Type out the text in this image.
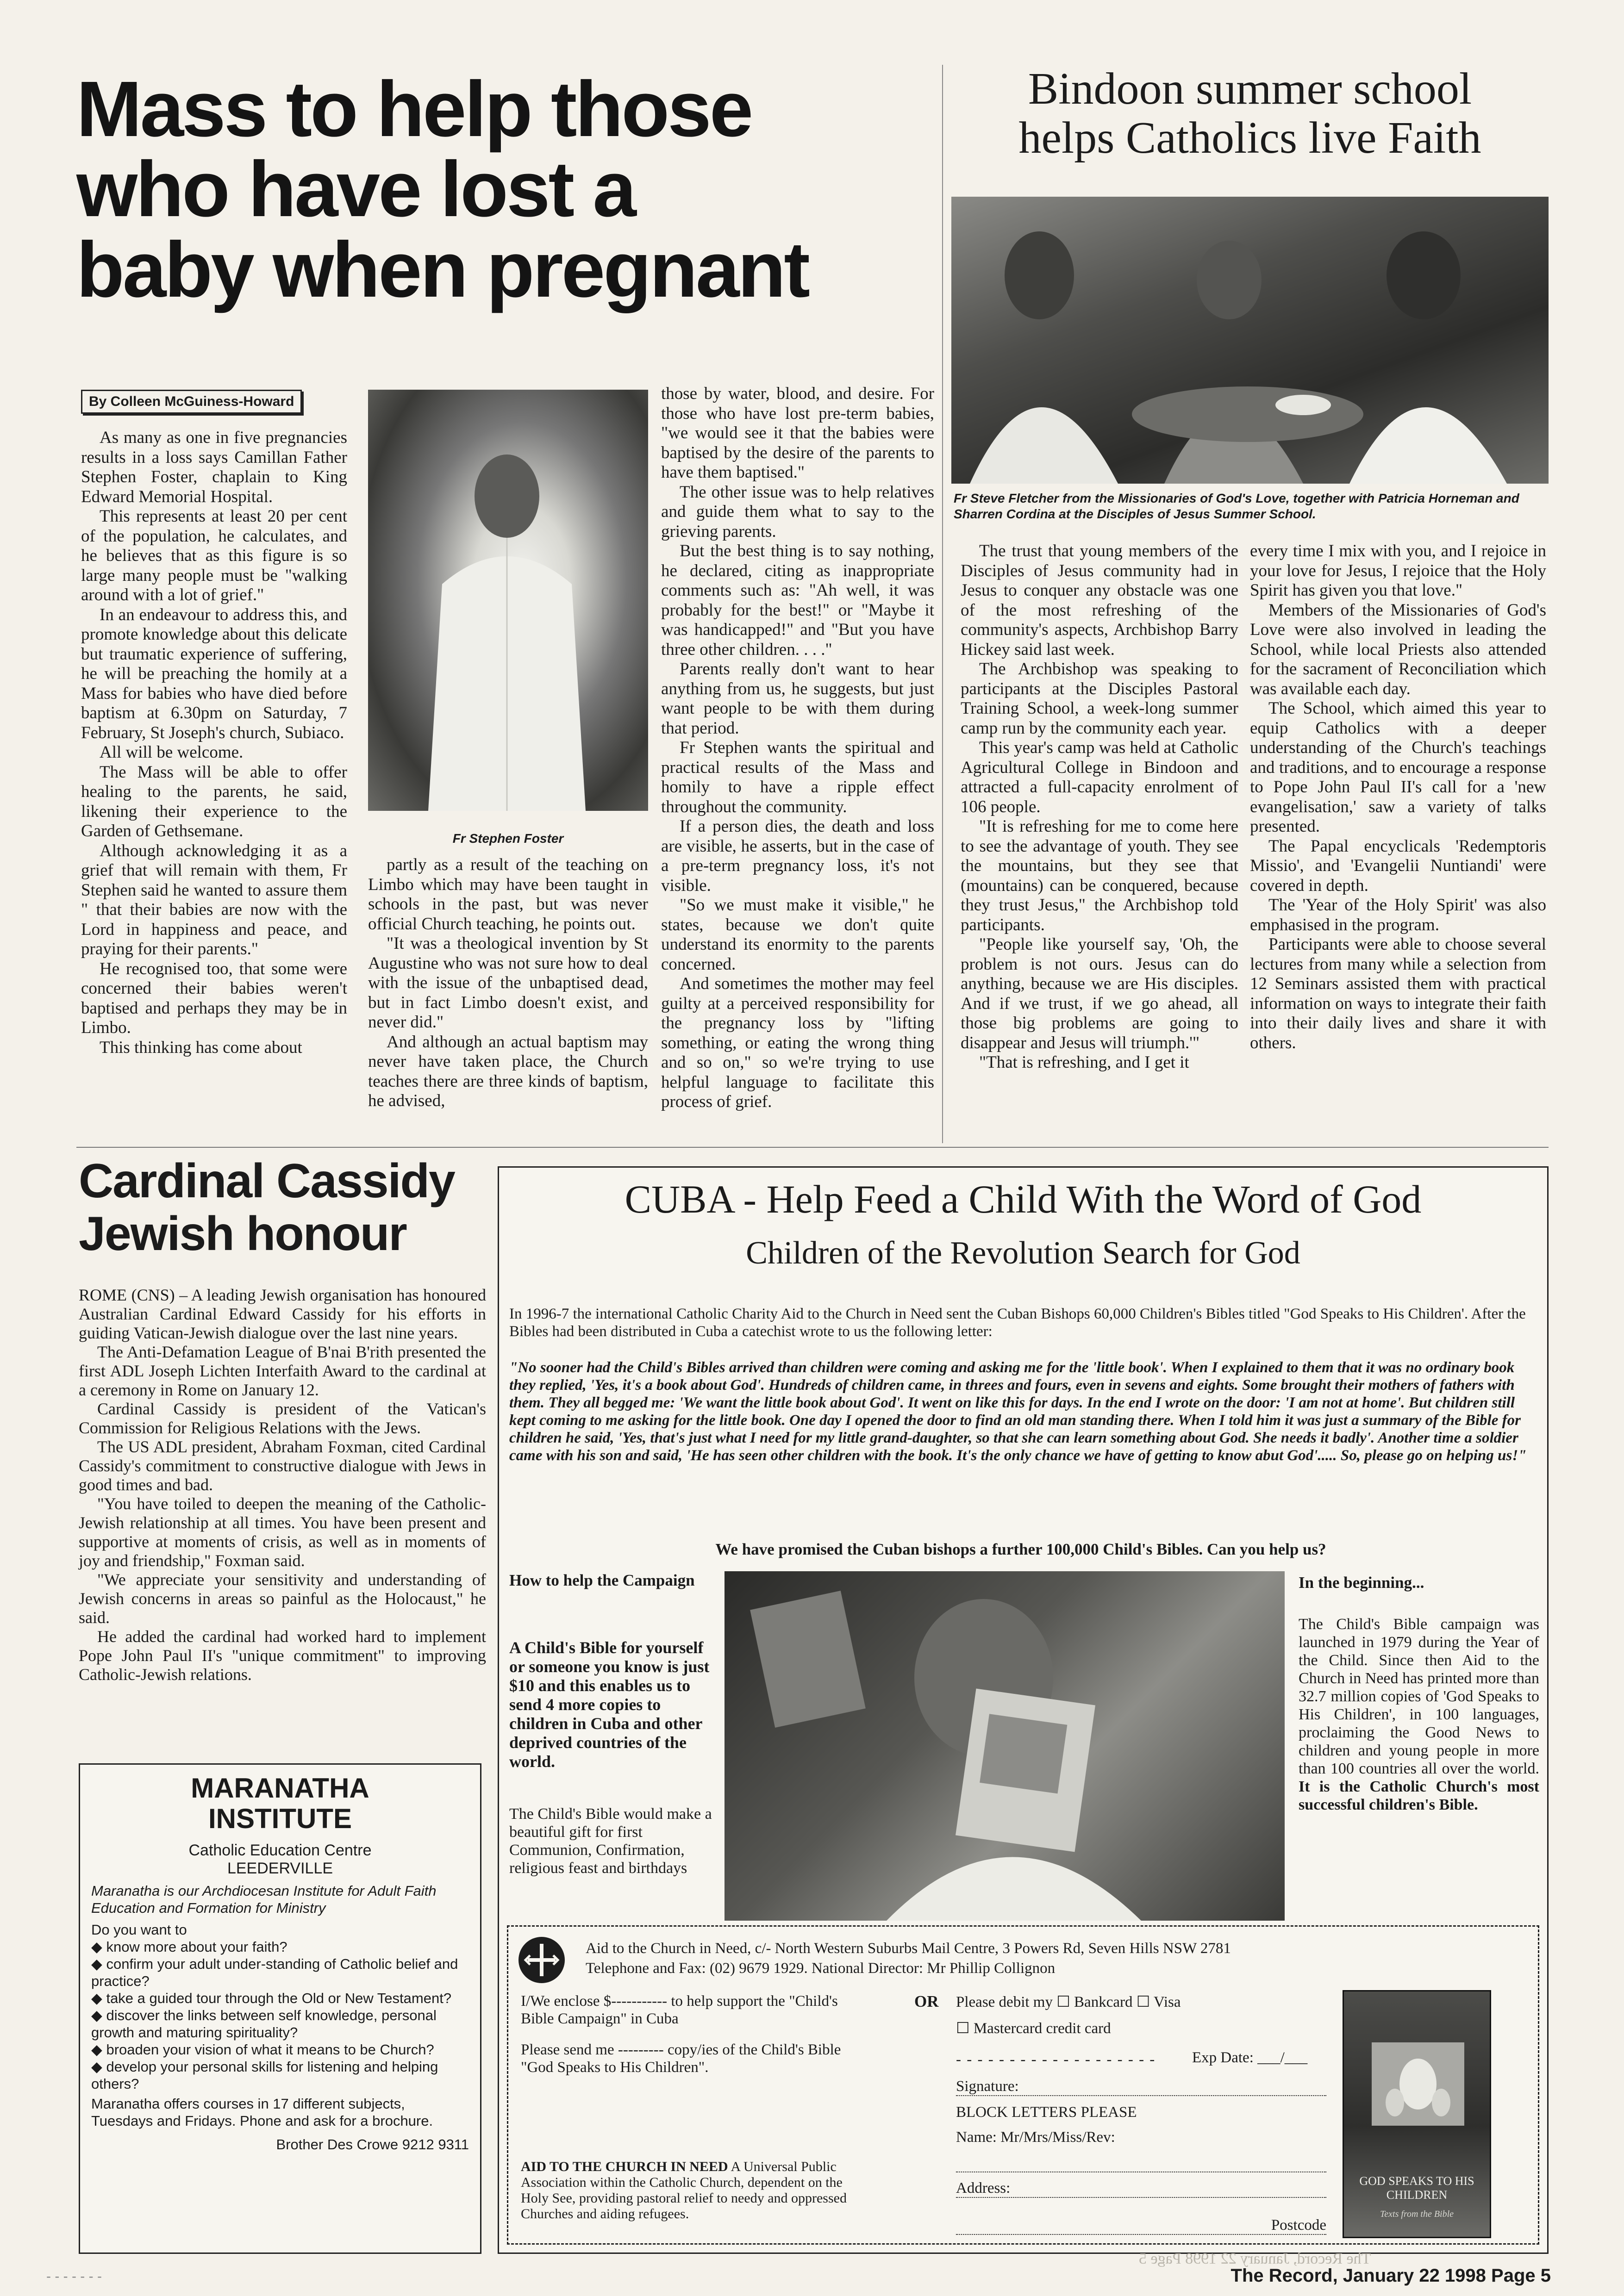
Mass to help those
who have lost a
baby when pregnant
By Colleen McGuiness-Howard

As many as one in five pregnancies results in a loss says Camillan Father Stephen Foster, chaplain to King Edward Memorial Hospital.

This represents at least 20 per cent of the population, he calculates, and he believes that as this figure is so large many people must be "walking around with a lot of grief."

In an endeavour to address this, and promote knowledge about this delicate but traumatic experience of suffering, he will be preaching the homily at a Mass for babies who have died before baptism at 6.30pm on Saturday, 7 February, St Joseph's church, Subiaco.

All will be welcome.

The Mass will be able to offer healing to the parents, he said, likening their experience to the Garden of Gethsemane.

Although acknowledging it as a grief that will remain with them, Fr Stephen said he wanted to assure them " that their babies are now with the Lord in happiness and peace, and praying for their parents."

He recognised too, that some were concerned their babies weren't baptised and perhaps they may be in Limbo.

This thinking has come about

Fr Stephen Foster

partly as a result of the teaching on Limbo which may have been taught in schools in the past, but was never official Church teaching, he points out.

"It was a theological invention by St Augustine who was not sure how to deal with the issue of the unbaptised dead, but in fact Limbo doesn't exist, and never did."

And although an actual baptism may never have taken place, the Church teaches there are three kinds of baptism, he advised,

those by water, blood, and desire. For those who have lost pre-term babies, "we would see it that the babies were baptised by the desire of the parents to have them baptised."

The other issue was to help relatives and guide them what to say to the grieving parents.

But the best thing is to say nothing, he declared, citing as inappropriate comments such as: "Ah well, it was probably for the best!" or "Maybe it was handicapped!" and "But you have three other children. . . ."

Parents really don't want to hear anything from us, he suggests, but just want people to be with them during that period.

Fr Stephen wants the spiritual and practical results of the Mass and homily to have a ripple effect throughout the community.

If a person dies, the death and loss are visible, he asserts, but in the case of a pre-term pregnancy loss, it's not visible.

"So we must make it visible," he states, because we don't quite understand its enormity to the parents concerned.

And sometimes the mother may feel guilty at a perceived responsibility for the pregnancy loss by "lifting something, or eating the wrong thing and so on," so we're trying to use helpful language to facilitate this process of grief.

Bindoon summer school
helps Catholics live Faith
Fr Steve Fletcher from the Missionaries of God's Love, together with Patricia Horneman and Sharren Cordina at the Disciples of Jesus Summer School.

The trust that young members of the Disciples of Jesus community had in Jesus to conquer any obstacle was one of the most refreshing of the community's aspects, Archbishop Barry Hickey said last week.

The Archbishop was speaking to participants at the Disciples Pastoral Training School, a week-long summer camp run by the community each year.

This year's camp was held at Catholic Agricultural College in Bindoon and attracted a full-capacity enrolment of 106 people.

"It is refreshing for me to come here to see the advantage of youth. They see the mountains, but they see that (mountains) can be conquered, because they trust Jesus," the Archbishop told participants.

"People like yourself say, 'Oh, the problem is not ours. Jesus can do anything, because we are His disciples. And if we trust, if we go ahead, all those big problems are going to disappear and Jesus will triumph.'"

"That is refreshing, and I get it

every time I mix with you, and I rejoice in your love for Jesus, I rejoice that the Holy Spirit has given you that love."

Members of the Missionaries of God's Love were also involved in leading the School, while local Priests also attended for the sacrament of Reconciliation which was available each day.

The School, which aimed this year to equip Catholics with a deeper understanding of the Church's teachings and traditions, and to encourage a response to Pope John Paul II's call for a 'new evangelisation,' saw a variety of talks presented.

The Papal encyclicals 'Redemptoris Missio', and 'Evangelii Nuntiandi' were covered in depth.

The 'Year of the Holy Spirit' was also emphasised in the program.

Participants were able to choose several lectures from many while a selection from 12 Seminars assisted them with practical information on ways to integrate their faith into their daily lives and share it with others.

Cardinal Cassidy
Jewish honour

ROME (CNS) – A leading Jewish organisation has honoured Australian Cardinal Edward Cassidy for his efforts in guiding Vatican-Jewish dialogue over the last nine years.

The Anti-Defamation League of B'nai B'rith presented the first ADL Joseph Lichten Interfaith Award to the cardinal at a ceremony in Rome on January 12.

Cardinal Cassidy is president of the Vatican's Commission for Religious Relations with the Jews.

The US ADL president, Abraham Foxman, cited Cardinal Cassidy's commitment to constructive dialogue with Jews in good times and bad.

"You have toiled to deepen the meaning of the Catholic-Jewish relationship at all times. You have been present and supportive at moments of crisis, as well as in moments of joy and friendship," Foxman said.

"We appreciate your sensitivity and understanding of Jewish concerns in areas so painful as the Holocaust," he said.

He added the cardinal had worked hard to implement Pope John Paul II's "unique commitment" to improving Catholic-Jewish relations.

MARANATHA
INSTITUTE
Catholic Education Centre
LEEDERVILLE
Maranatha is our Archdiocesan Institute for Adult Faith Education and Formation for Ministry
Do you want to
◆ know more about your faith?
◆ confirm your adult under-standing of Catholic belief and practice?
◆ take a guided tour through the Old or New Testament?
◆ discover the links between self knowledge, personal growth and maturing spirituality?
◆ broaden your vision of what it means to be Church?
◆ develop your personal skills for listening and helping others?
Maranatha offers courses in 17 different subjects, Tuesdays and Fridays. Phone and ask for a brochure.
Brother Des Crowe 9212 9311
CUBA - Help Feed a Child With the Word of God
Children of the Revolution Search for God
In 1996-7 the international Catholic Charity Aid to the Church in Need sent the Cuban Bishops 60,000 Children's Bibles titled "God Speaks to His Children'. After the Bibles had been distributed in Cuba a catechist wrote to us the following letter:
"No sooner had the Child's Bibles arrived than children were coming and asking me for the 'little book'. When I explained to them that it was no ordinary book they replied, 'Yes, it's a book about God'. Hundreds of children came, in threes and fours, even in sevens and eights. Some brought their mothers of fathers with them. They all begged me: 'We want the little book about God'. It went on like this for days. In the end I wrote on the door: 'I am not at home'. But children still kept coming to me asking for the little book. One day I opened the door to find an old man standing there. When I told him it was just a summary of the Bible for children he said, 'Yes, that's just what I need for my little grand-daughter, so that she can learn something about God. She needs it badly'. Another time a soldier came with his son and said, 'He has seen other children with the book. It's the only chance we have of getting to know abut God'..... So, please go on helping us!"
We have promised the Cuban bishops a further 100,000 Child's Bibles. Can you help us?
How to help the Campaign
A Child's Bible for yourself or someone you know is just $10 and this enables us to send 4 more copies to children in Cuba and other deprived countries of the world.
The Child's Bible would make a beautiful gift for first Communion, Confirmation, religious feast and birthdays
In the beginning...
The Child's Bible campaign was launched in 1979 during the Year of the Child. Since then Aid to the Church in Need has printed more than 32.7 million copies of 'God Speaks to His Children', in 100 languages, proclaiming the Good News to children and young people in more than 100 countries all over the world. It is the Catholic Church's most successful children's Bible.
Aid to the Church in Need, c/- North Western Suburbs Mail Centre, 3 Powers Rd, Seven Hills NSW 2781
Telephone and Fax: (02) 9679 1929. National Director: Mr Phillip Collignon
I/We enclose $----------- to help support the "Child's Bible Campaign" in Cuba
Please send me --------- copy/ies of the Child's Bible "God Speaks to His Children".
AID TO THE CHURCH IN NEED A Universal Public Association within the Catholic Church, dependent on the Holy See, providing pastoral relief to needy and oppressed Churches and aiding refugees.
OR Please debit my ☐ Bankcard ☐ Visa
☐ Mastercard credit card
- - - - - - - - - - - - - - - - - - -	Exp Date: ___/___
Signature:
BLOCK LETTERS PLEASE
Name: Mr/Mrs/Miss/Rev:
Address:
Postcode
GOD SPEAKS TO HIS CHILDREN
Texts from the Bible
The Record, January 22 1998 Page 5
The Record, January 22 1998 Page 5
- - - - - - -
